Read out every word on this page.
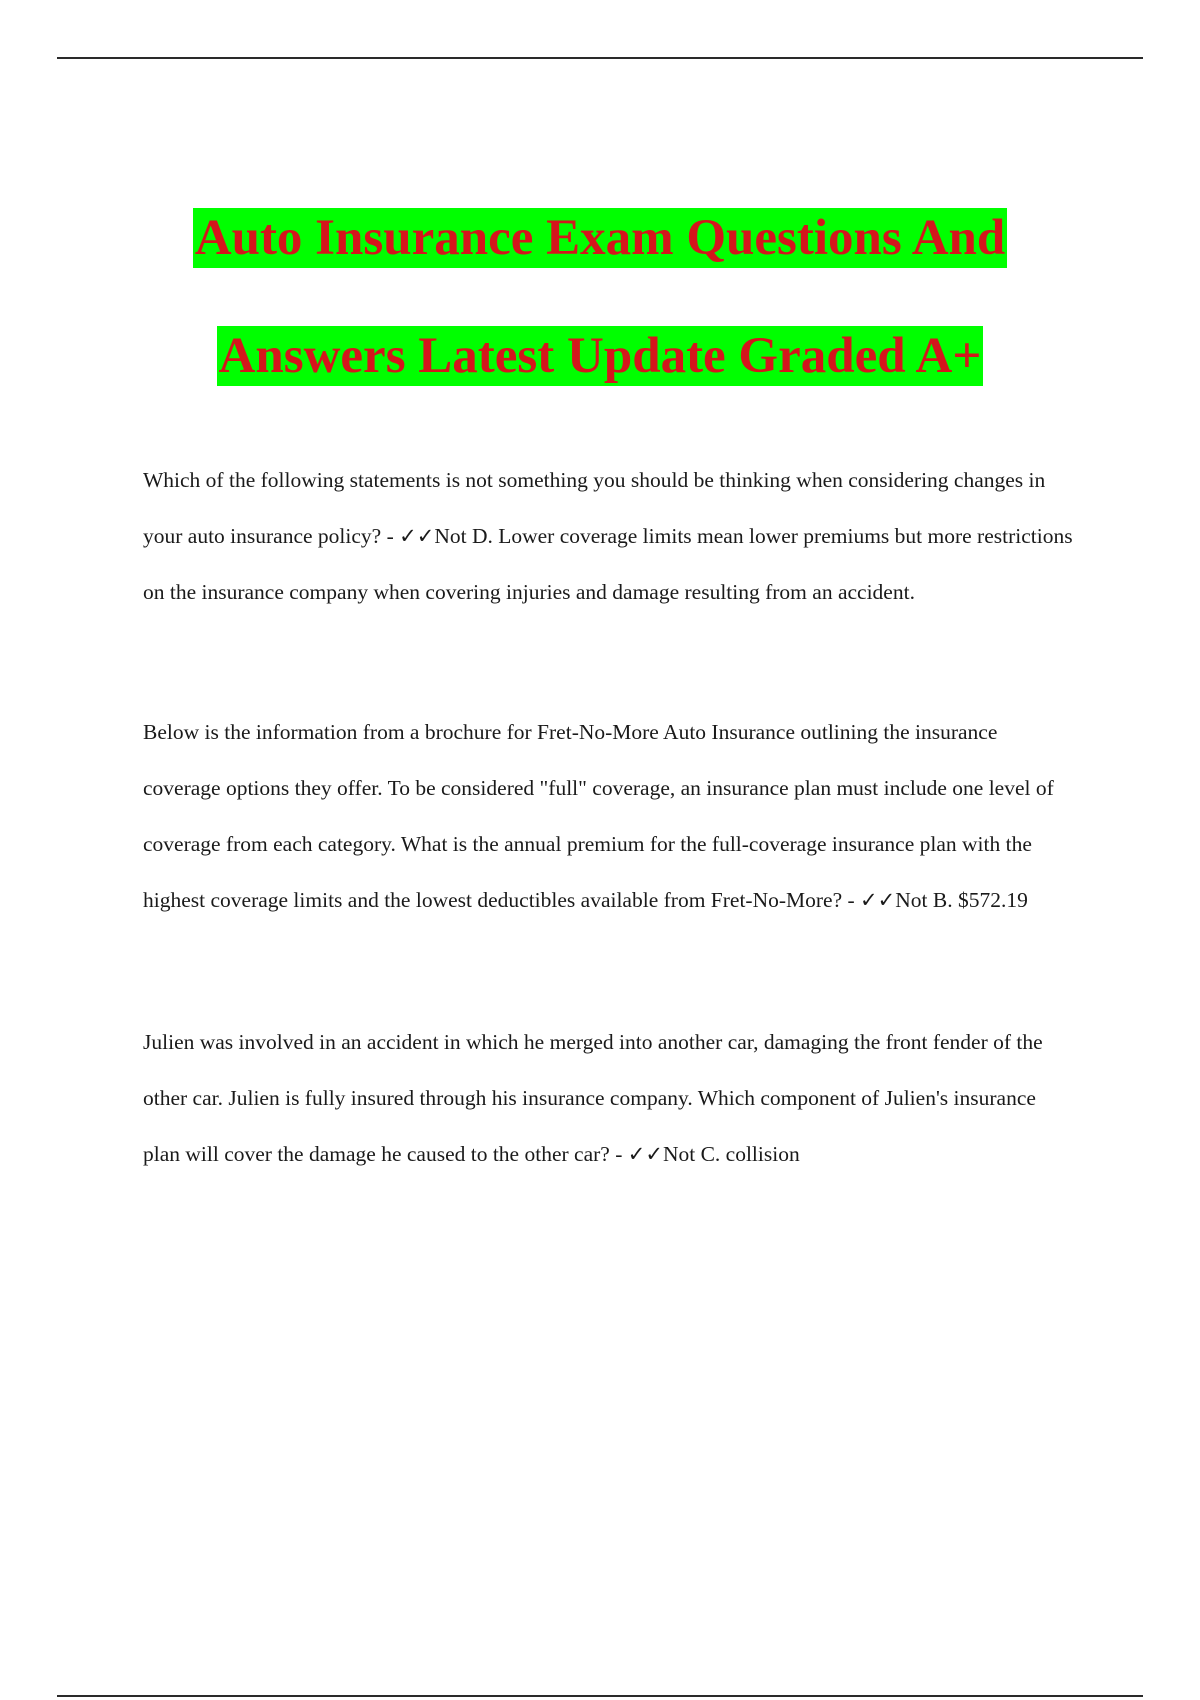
Auto Insurance Exam Questions And
Answers Latest Update Graded A+

Which of the following statements is not something you should be thinking when considering changes in your auto insurance policy? - ✓✓Not D. Lower coverage limits mean lower premiums but more restrictions on the insurance company when covering injuries and damage resulting from an accident.

Below is the information from a brochure for Fret-No-More Auto Insurance outlining the insurance coverage options they offer. To be considered "full" coverage, an insurance plan must include one level of coverage from each category. What is the annual premium for the full-coverage insurance plan with the highest coverage limits and the lowest deductibles available from Fret-No-More? - ✓✓Not B. $572.19

Julien was involved in an accident in which he merged into another car, damaging the front fender of the other car. Julien is fully insured through his insurance company. Which component of Julien's insurance plan will cover the damage he caused to the other car? - ✓✓Not C. collision
